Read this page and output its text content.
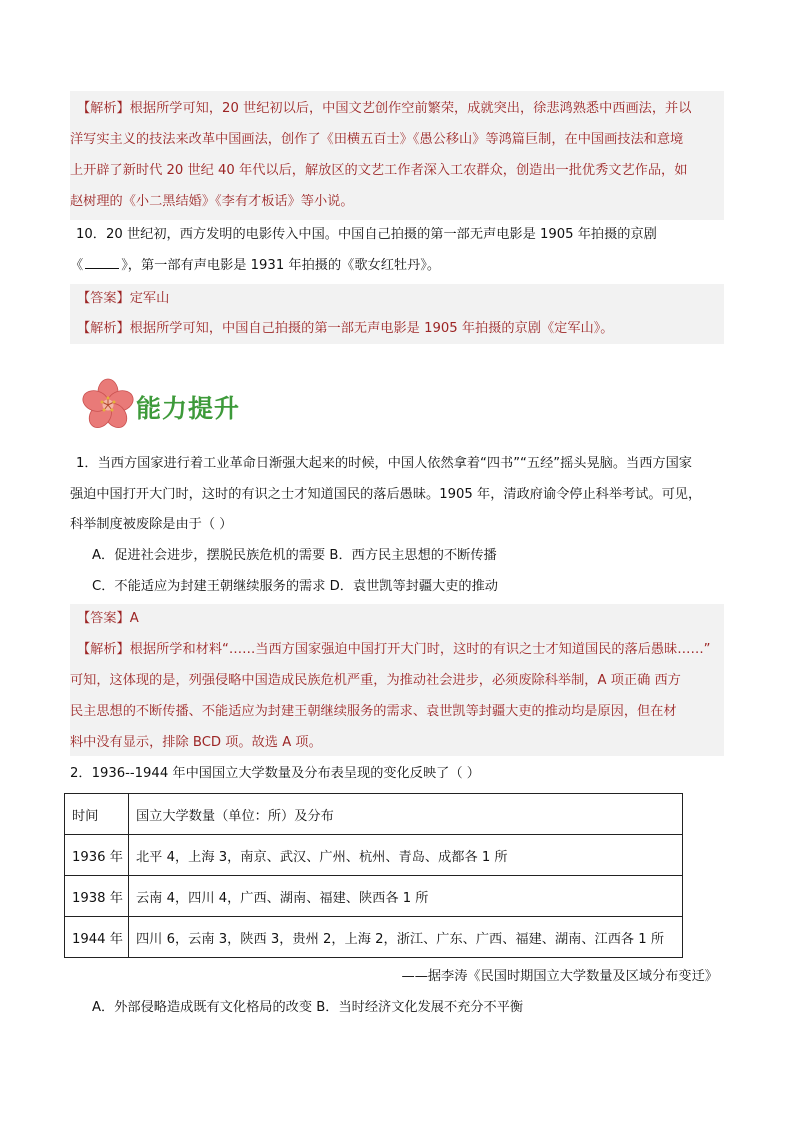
【解析】根据所学可知，20 世纪初以后，中国文艺创作空前繁荣，成就突出，徐悲鸿熟悉中西画法，并以
洋写实主义的技法来改革中国画法，创作了《田横五百士》《愚公移山》等鸿篇巨制，在中国画技法和意境
上开辟了新时代 20 世纪 40 年代以后，解放区的文艺工作者深入工农群众，创造出一批优秀文艺作品，如
赵树理的《小二黑结婚》《李有才板话》等小说。
10．20 世纪初，西方发明的电影传入中国。中国自己拍摄的第一部无声电影是 1905 年拍摄的京剧
《	》，第一部有声电影是 1931 年拍摄的《歌女红牡丹》。
【答案】定军山
【解析】根据所学可知，中国自己拍摄的第一部无声电影是 1905 年拍摄的京剧《定军山》。
能力提升
1．当西方国家进行着工业革命日渐强大起来的时候，中国人依然拿着“四书”“五经”摇头晃脑。当西方国家
强迫中国打开大门时，这时的有识之士才知道国民的落后愚昧。1905 年，清政府谕令停止科举考试。可见，
科举制度被废除是由于（ ）
A．促进社会进步，摆脱民族危机的需要 B．西方民主思想的不断传播
C．不能适应为封建王朝继续服务的需求 D．袁世凯等封疆大吏的推动
【答案】A
【解析】根据所学和材料“……当西方国家强迫中国打开大门时，这时的有识之士才知道国民的落后愚昧……”
可知，这体现的是，列强侵略中国造成民族危机严重，为推动社会进步，必须废除科举制，A 项正确 西方
民主思想的不断传播、不能适应为封建王朝继续服务的需求、袁世凯等封疆大吏的推动均是原因，但在材
料中没有显示，排除 BCD 项。故选 A 项。
2．1936--1944 年中国国立大学数量及分布表呈现的变化反映了（ ）
时间	国立大学数量（单位：所）及分布
1936 年	北平 4，上海 3，南京、武汉、广州、杭州、青岛、成都各 1 所
1938 年	云南 4，四川 4，广西、湖南、福建、陕西各 1 所
1944 年	四川 6，云南 3，陕西 3，贵州 2，上海 2，浙江、广东、广西、福建、湖南、江西各 1 所
——据李涛《民国时期国立大学数量及区域分布变迁》
A．外部侵略造成既有文化格局的改变 B．当时经济文化发展不充分不平衡
